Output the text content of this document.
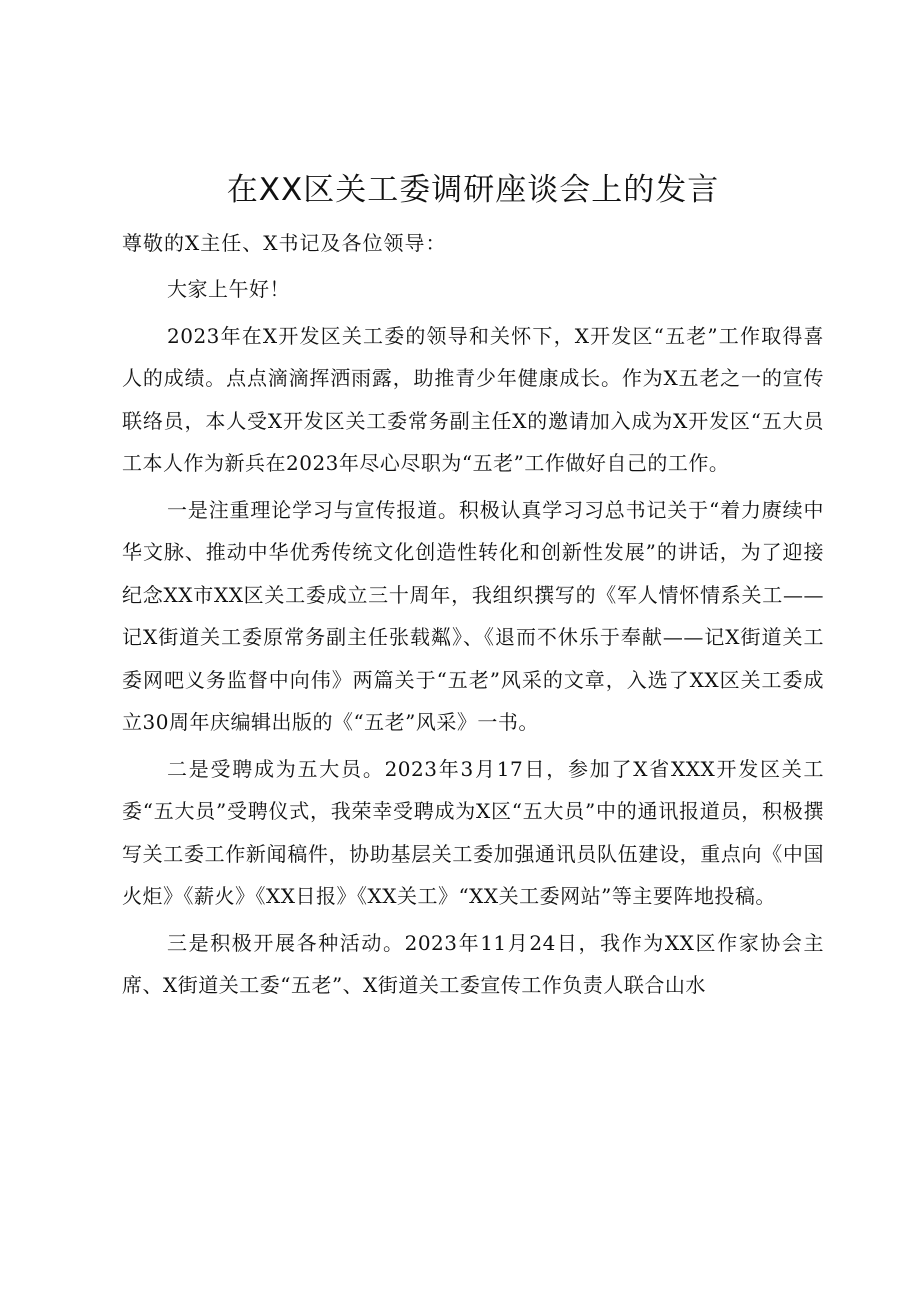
在XX区关工委调研座谈会上的发言
尊敬的X主任、X书记及各位领导：

大家上午好！

2023年在X开发区关工委的领导和关怀下，X开发区“五老”工作取得喜人的成绩。点点滴滴挥洒雨露，助推青少年健康成长。作为X五老之一的宣传联络员，本人受X开发区关工委常务副主任X的邀请加入成为X开发区“五大员工本人作为新兵在2023年尽心尽职为“五老”工作做好自己的工作。

一是注重理论学习与宣传报道。积极认真学习习总书记关于“着力赓续中华文脉、推动中华优秀传统文化创造性转化和创新性发展”的讲话，为了迎接纪念XX市XX区关工委成立三十周年，我组织撰写的《军人情怀情系关工——记X街道关工委原常务副主任张载粼》、《退而不休乐于奉献——记X街道关工委网吧义务监督中向伟》两篇关于“五老”风采的文章，入选了XX区关工委成立30周年庆编辑出版的《“五老”风采》一书。

二是受聘成为五大员。2023年3月17日，参加了X省XXX开发区关工委“五大员”受聘仪式，我荣幸受聘成为X区“五大员”中的通讯报道员，积极撰写关工委工作新闻稿件，协助基层关工委加强通讯员队伍建设，重点向《中国火炬》《薪火》《XX日报》《XX关工》“XX关工委网站”等主要阵地投稿。

三是积极开展各种活动。2023年11月24日，我作为XX区作家协会主席、X街道关工委“五老”、X街道关工委宣传工作负责人联合山水
